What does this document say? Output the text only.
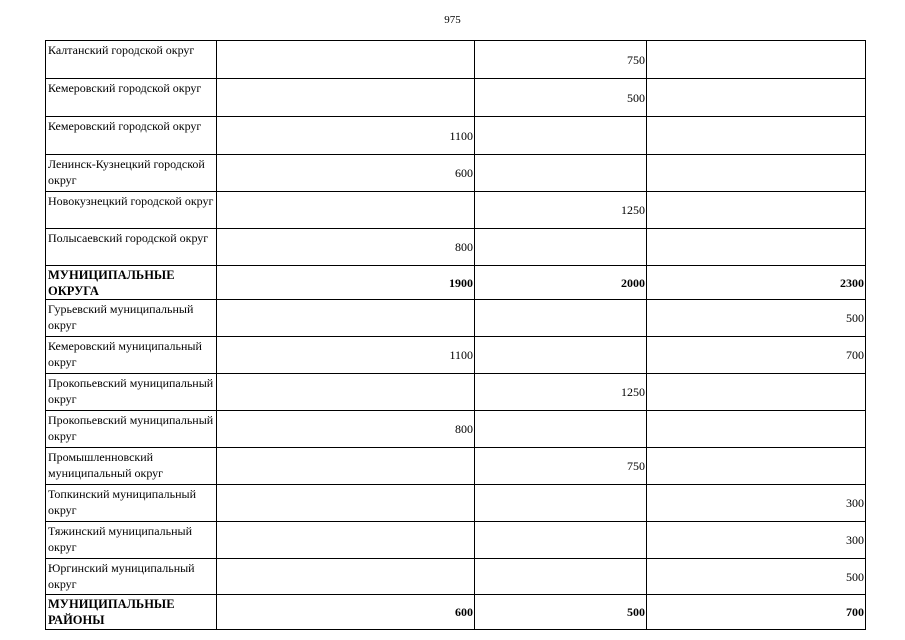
975
Калтанский городской округ		750	
Кемеровский городской округ		500	
Кемеровский городской округ	1100		
Ленинск-Кузнецкий городской округ	600		
Новокузнецкий городской округ		1250	
Полысаевский городской округ	800		
МУНИЦИПАЛЬНЫЕ ОКРУГА	1900	2000	2300
Гурьевский муниципальный округ			500
Кемеровский муниципальный округ	1100		700
Прокопьевский муниципальный округ		1250	
Прокопьевский муниципальный округ	800		
Промышленновский муниципальный округ		750	
Топкинский муниципальный округ			300
Тяжинский муниципальный округ			300
Юргинский муниципальный округ			500
МУНИЦИПАЛЬНЫЕ РАЙОНЫ	600	500	700
